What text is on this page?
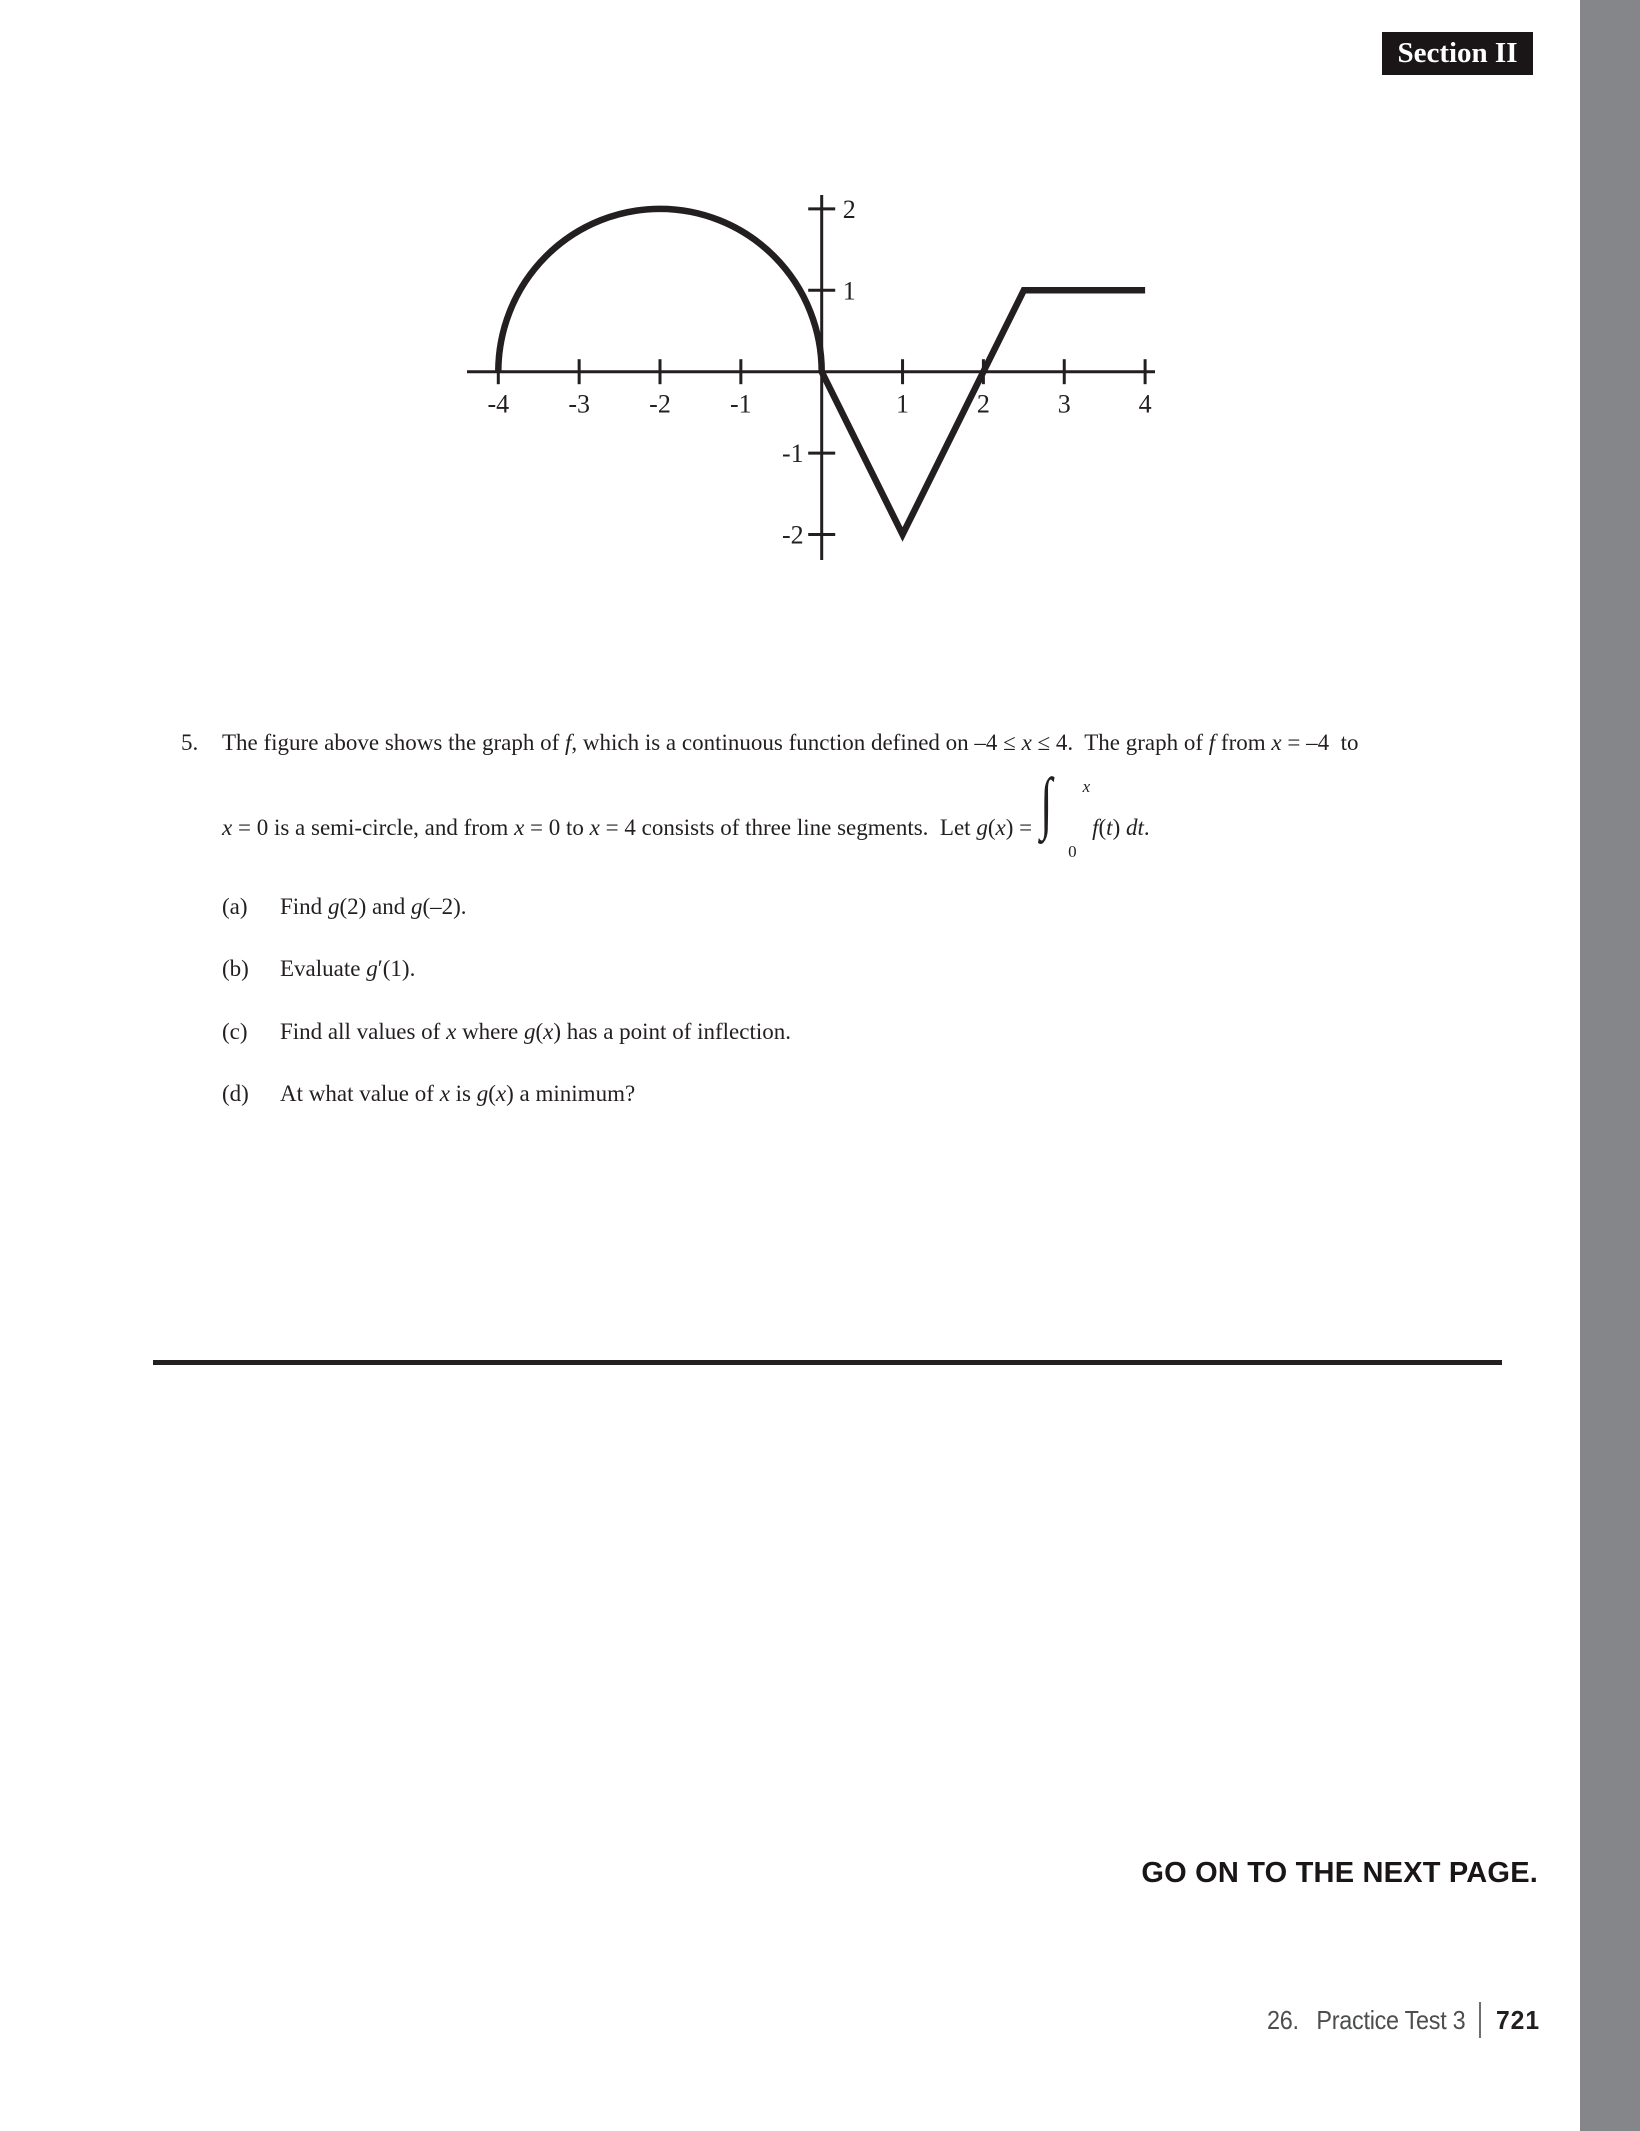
Section II
-4 -3 -2 -1	1	2	3	4
2
1
-1
-2
5. The figure above shows the graph of f, which is a continuous function defined on –4 ≤ x ≤ 4.  The graph of f from x = –4  to
x = 0 is a semi-circle, and from x = 0 to x = 4 consists of three line segments.  Let g(x) =
x
∫
0
f(t) dt.
(a) Find g(2) and g(–2).
(b) Evaluate g′(1).
(c) Find all values of x where g(x) has a point of inflection.
(d) At what value of x is g(x) a minimum?
GO ON TO THE NEXT PAGE.
26.  Practice Test 3 721
